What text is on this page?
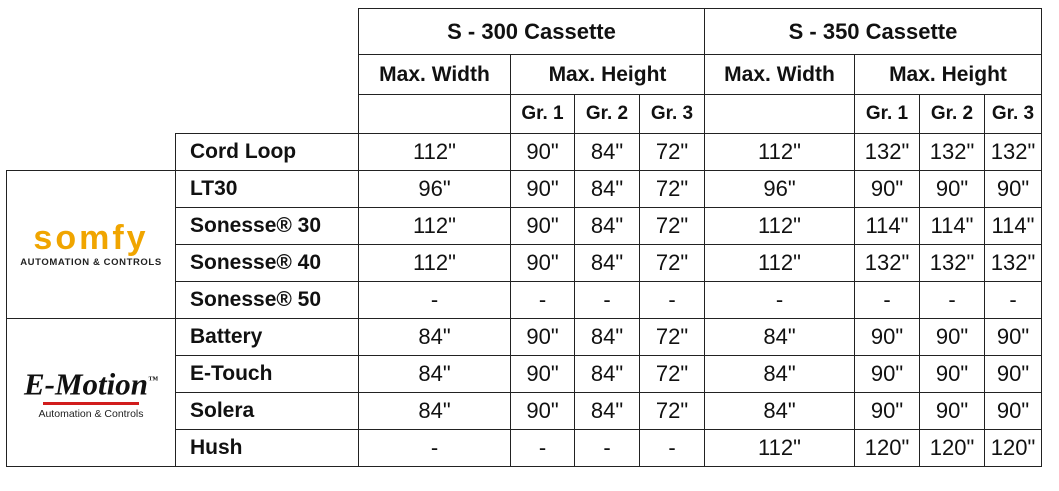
		S - 300 Cassette				S - 350 Cassette			
		Max. Width	Max. Height			Max. Width	Max. Height		
			Gr. 1	Gr. 2	Gr. 3		Gr. 1	Gr. 2	Gr. 3
	Cord Loop	112"	90"	84"	72"	112"	132"	132"	132"

somfy
AUTOMATION & CONTROLS	LT30	96"	90"	84"	72"	96"	90"	90"	90"
	Sonesse® 30	112"	90"	84"	72"	112"	114"	114"	114"
	Sonesse® 40	112"	90"	84"	72"	112"	132"	132"	132"
	Sonesse® 50	-	-	-	-	-	-	-	-

E-Motion™
Automation & Controls	Battery	84"	90"	84"	72"	84"	90"	90"	90"
	E-Touch	84"	90"	84"	72"	84"	90"	90"	90"
	Solera	84"	90"	84"	72"	84"	90"	90"	90"
	Hush	-	-	-	-	112"	120"	120"	120"
